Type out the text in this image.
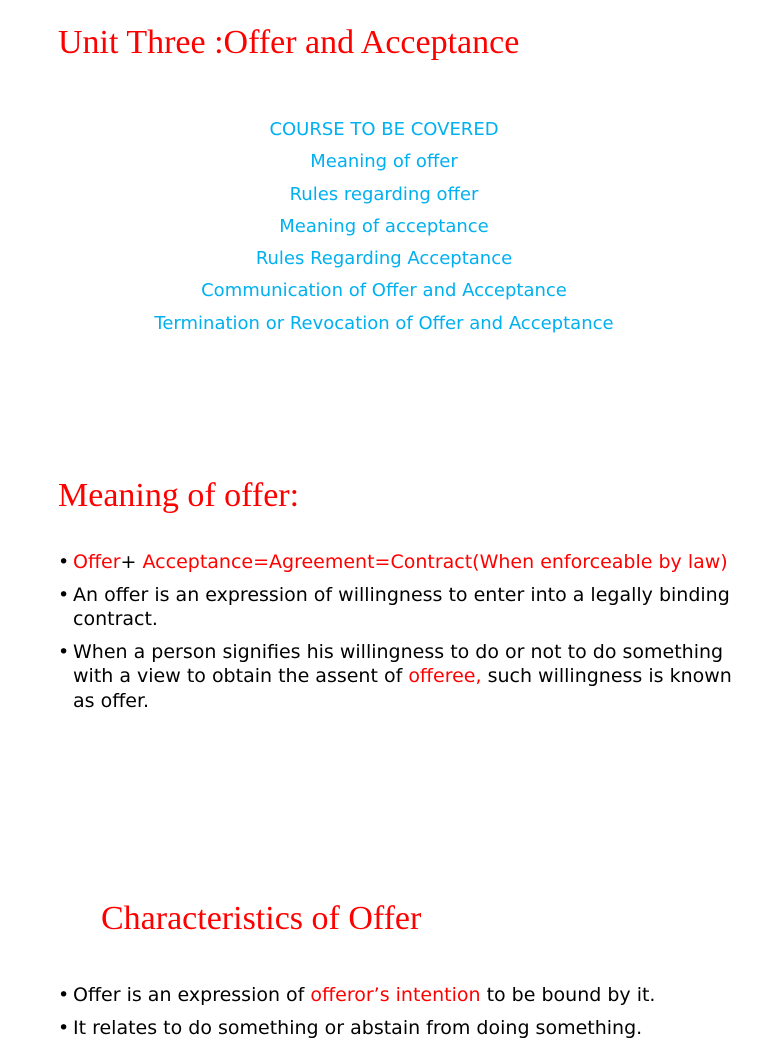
Unit Three :Offer and Acceptance
COURSE TO BE COVERED
Meaning of offer
Rules regarding offer
Meaning of acceptance
Rules Regarding Acceptance
Communication of Offer and Acceptance
Termination or Revocation of Offer and Acceptance
Meaning of offer:
• Offer+ Acceptance=Agreement=Contract(When enforceable by law)
• An offer is an expression of willingness to enter into a legally binding contract.
• When a person signifies his willingness to do or not to do something with a view to obtain the assent of offeree, such willingness is known as offer.
Characteristics of Offer
• Offer is an expression of offeror’s intention to be bound by it.
• It relates to do something or abstain from doing something.
